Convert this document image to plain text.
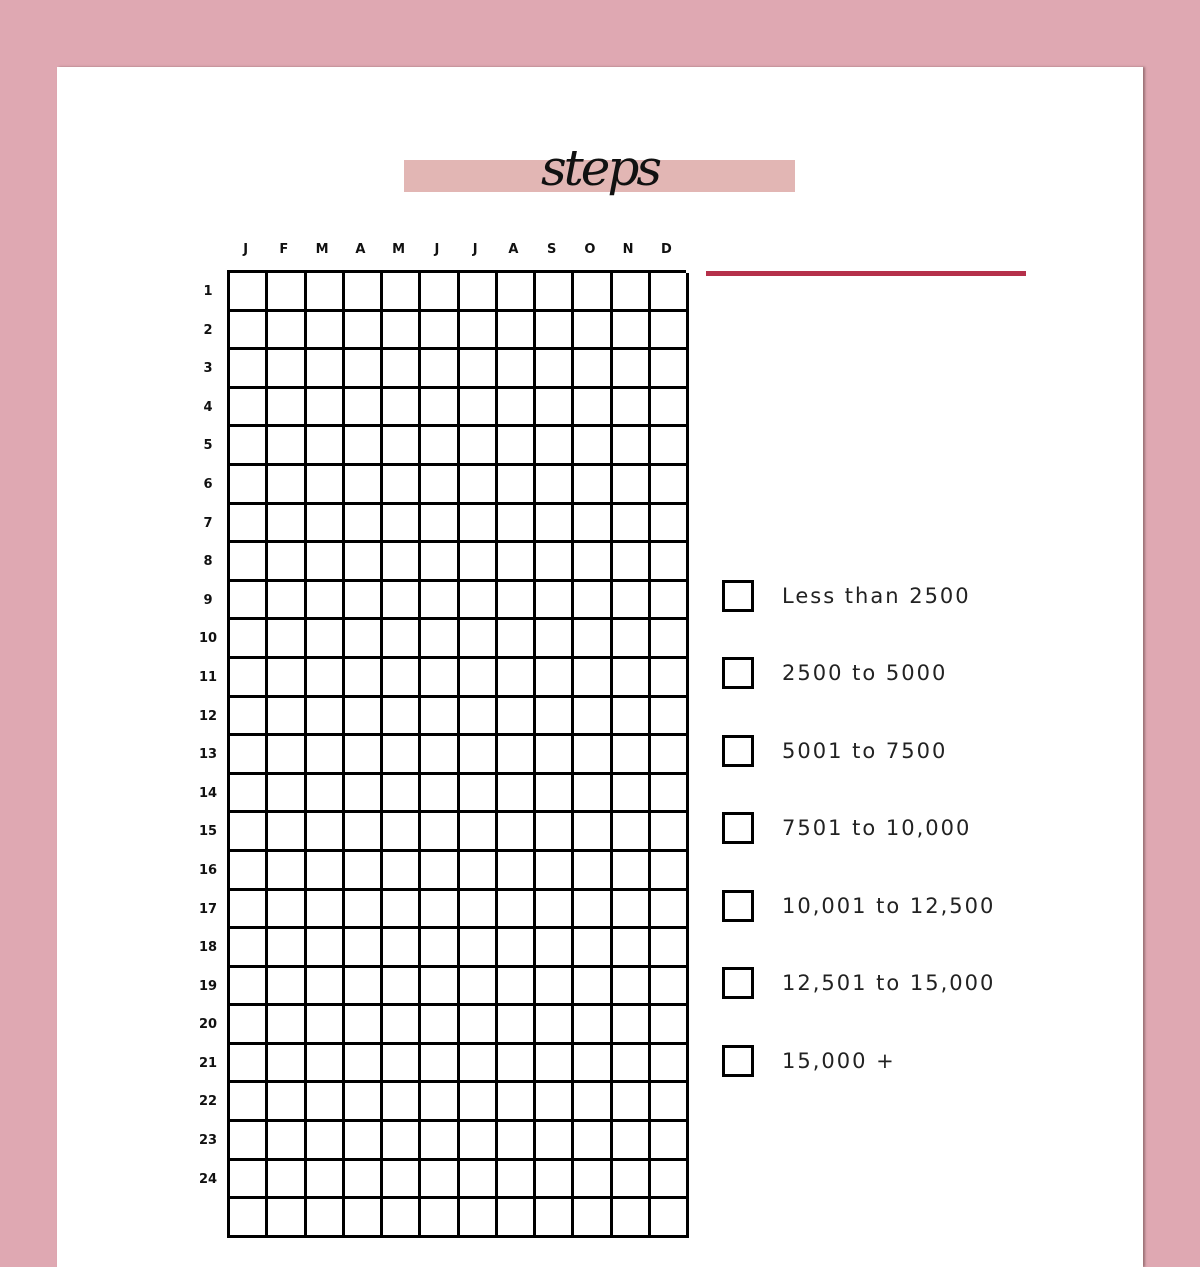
steps
J	F	M	A	M	J	J	A	S	O	N	D
1
2
3
4
5
6
7
8
9
10
11
12
13
14
15
16
17
18
19
20
21
22
23
24
Less than 2500
2500 to 5000
5001 to 7500
7501 to 10,000
10,001 to 12,500
12,501 to 15,000
15,000 +
